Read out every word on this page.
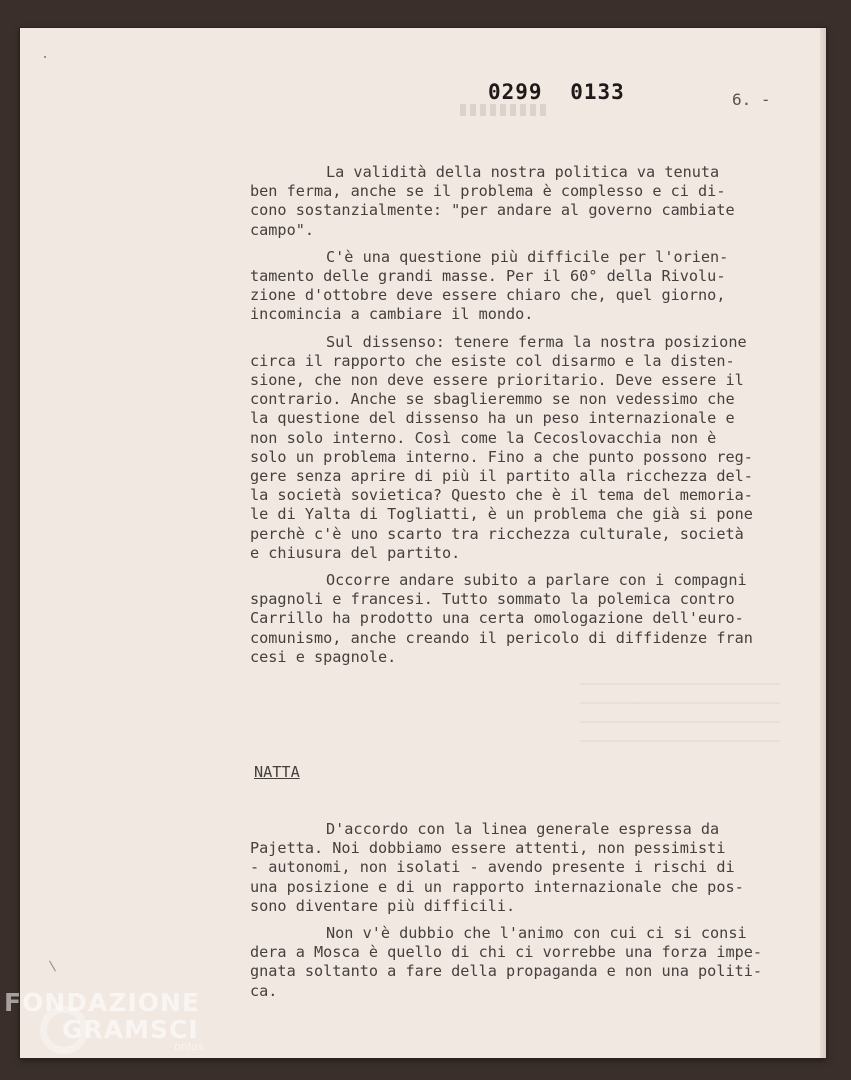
0299 0133	6. -

La validità della nostra politica va tenuta
ben ferma, anche se il problema è complesso e ci di-
cono sostanzialmente: "per andare al governo cambiate
campo".

C'è una questione più difficile per l'orien-
tamento delle grandi masse. Per il 60° della Rivolu-
zione d'ottobre deve essere chiaro che, quel giorno,
incomincia a cambiare il mondo.

Sul dissenso: tenere ferma la nostra posizione
circa il rapporto che esiste col disarmo e la disten-
sione, che non deve essere prioritario. Deve essere il
contrario. Anche se sbaglieremmo se non vedessimo che
la questione del dissenso ha un peso internazionale e
non solo interno. Così come la Cecoslovacchia non è
solo un problema interno. Fino a che punto possono reg-
gere senza aprire di più il partito alla ricchezza del-
la società sovietica? Questo che è il tema del memoria-
le di Yalta di Togliatti, è un problema che già si pone
perchè c'è uno scarto tra ricchezza culturale, società
e chiusura del partito.

Occorre andare subito a parlare con i compagni
spagnoli e francesi. Tutto sommato la polemica contro
Carrillo ha prodotto una certa omologazione dell'euro-
comunismo, anche creando il pericolo di diffidenze fran
cesi e spagnole.

NATTA

D'accordo con la linea generale espressa da
Pajetta. Noi dobbiamo essere attenti, non pessimisti
- autonomi, non isolati - avendo presente i rischi di
una posizione e di un rapporto internazionale che pos-
sono diventare più difficili.

Non v'è dubbio che l'animo con cui ci si consi
dera a Mosca è quello di chi ci vorrebbe una forza impe-
gnata soltanto a fare della propaganda e non una politi-
ca.

FONDAZIONE
GRAMSCI
onlus
